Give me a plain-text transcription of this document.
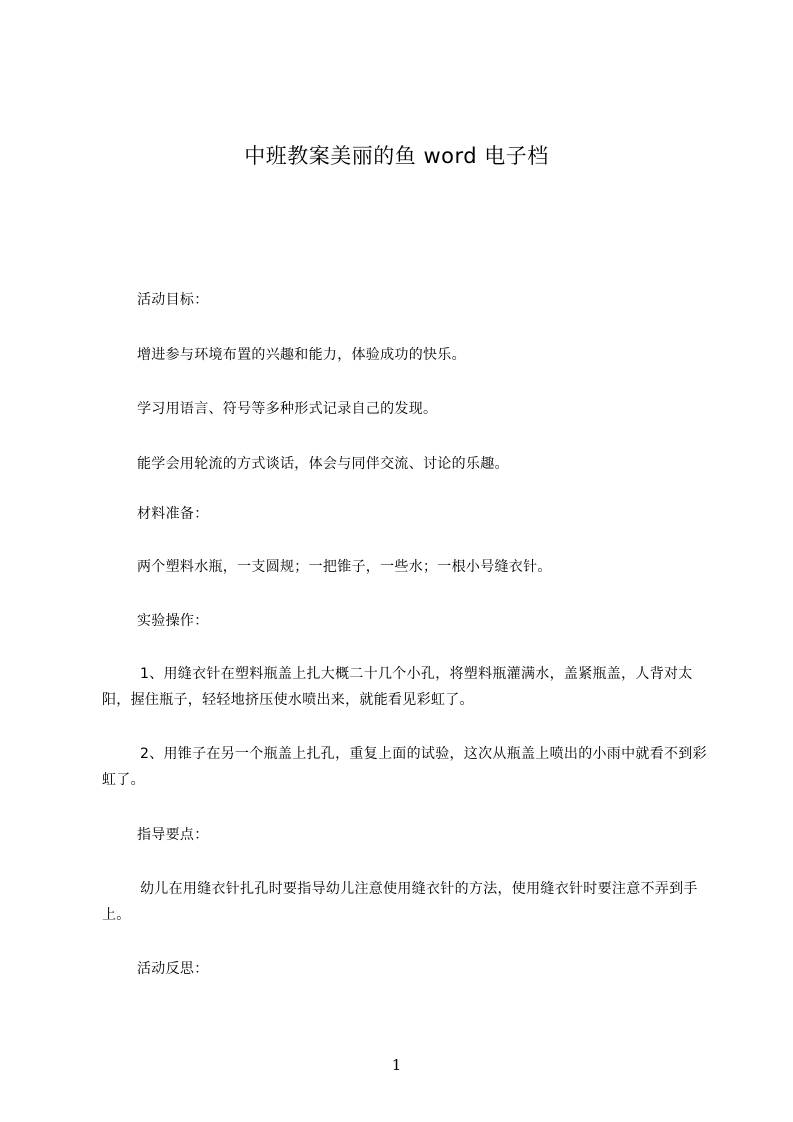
中班教案美丽的鱼 word 电子档
活动目标：
增进参与环境布置的兴趣和能力，体验成功的快乐。
学习用语言、符号等多种形式记录自己的发现。
能学会用轮流的方式谈话，体会与同伴交流、讨论的乐趣。
材料准备：
两个塑料水瓶，一支圆规；一把锥子，一些水；一根小号缝衣针。
实验操作：
1、用缝衣针在塑料瓶盖上扎大概二十几个小孔，将塑料瓶灌满水，盖紧瓶盖，人背对太阳，握住瓶子，轻轻地挤压使水喷出来，就能看见彩虹了。
2、用锥子在另一个瓶盖上扎孔，重复上面的试验，这次从瓶盖上喷出的小雨中就看不到彩虹了。
指导要点：
幼儿在用缝衣针扎孔时要指导幼儿注意使用缝衣针的方法，使用缝衣针时要注意不弄到手上。
活动反思：
1
